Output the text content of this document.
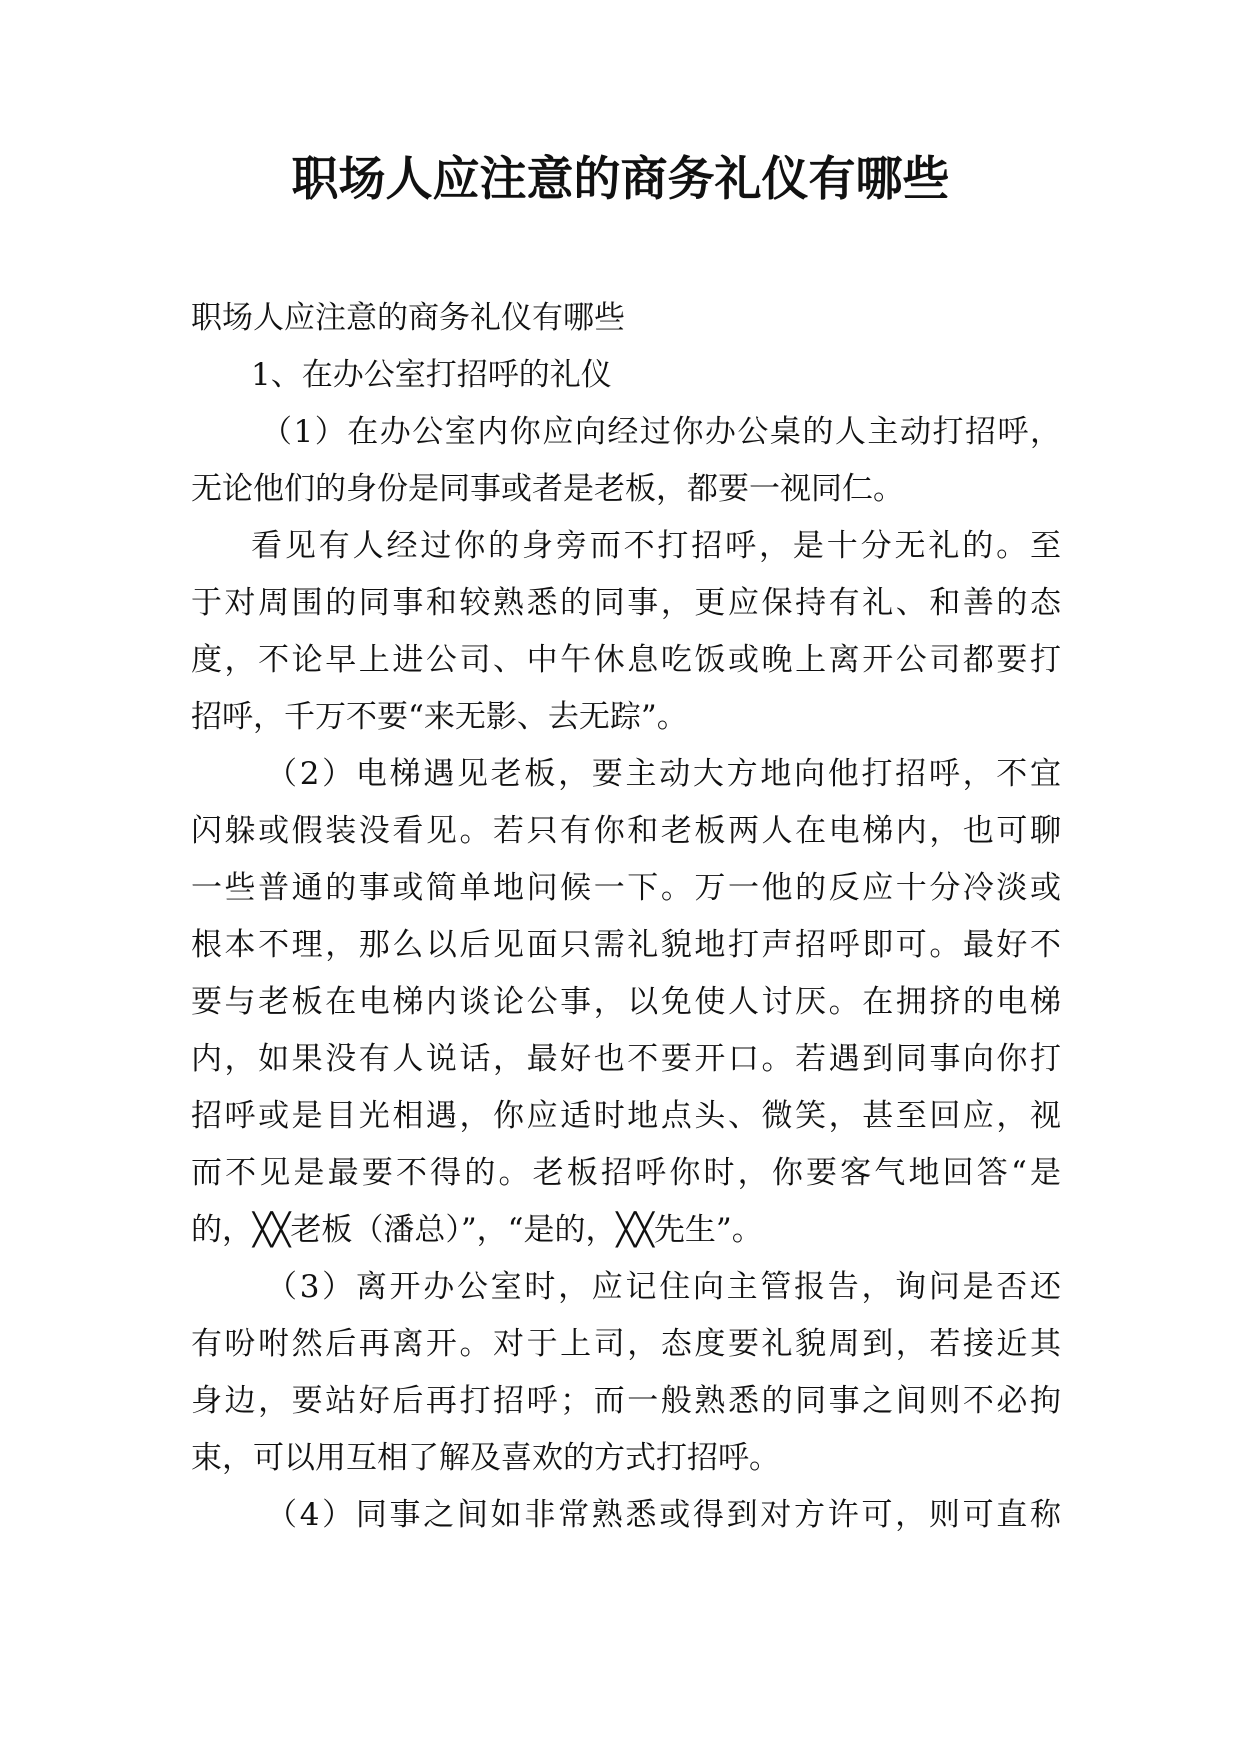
职场人应注意的商务礼仪有哪些
职场人应注意的商务礼仪有哪些
1、在办公室打招呼的礼仪
（1）在办公室内你应向经过你办公桌的人主动打招呼，
无论他们的身份是同事或者是老板，都要一视同仁。
看见有人经过你的身旁而不打招呼，是十分无礼的。至
于对周围的同事和较熟悉的同事，更应保持有礼、和善的态
度，不论早上进公司、中午休息吃饭或晚上离开公司都要打
招呼，千万不要“来无影、去无踪”。
（2）电梯遇见老板，要主动大方地向他打招呼，不宜
闪躲或假装没看见。若只有你和老板两人在电梯内，也可聊
一些普通的事或简单地问候一下。万一他的反应十分冷淡或
根本不理，那么以后见面只需礼貌地打声招呼即可。最好不
要与老板在电梯内谈论公事，以免使人讨厌。在拥挤的电梯
内，如果没有人说话，最好也不要开口。若遇到同事向你打
招呼或是目光相遇，你应适时地点头、微笑，甚至回应，视
而不见是最要不得的。老板招呼你时，你要客气地回答“是
的，╳╳老板（潘总）”，“是的，╳╳先生”。
（3）离开办公室时，应记住向主管报告，询问是否还
有吩咐然后再离开。对于上司，态度要礼貌周到，若接近其
身边，要站好后再打招呼；而一般熟悉的同事之间则不必拘
束，可以用互相了解及喜欢的方式打招呼。
（4）同事之间如非常熟悉或得到对方许可，则可直称
